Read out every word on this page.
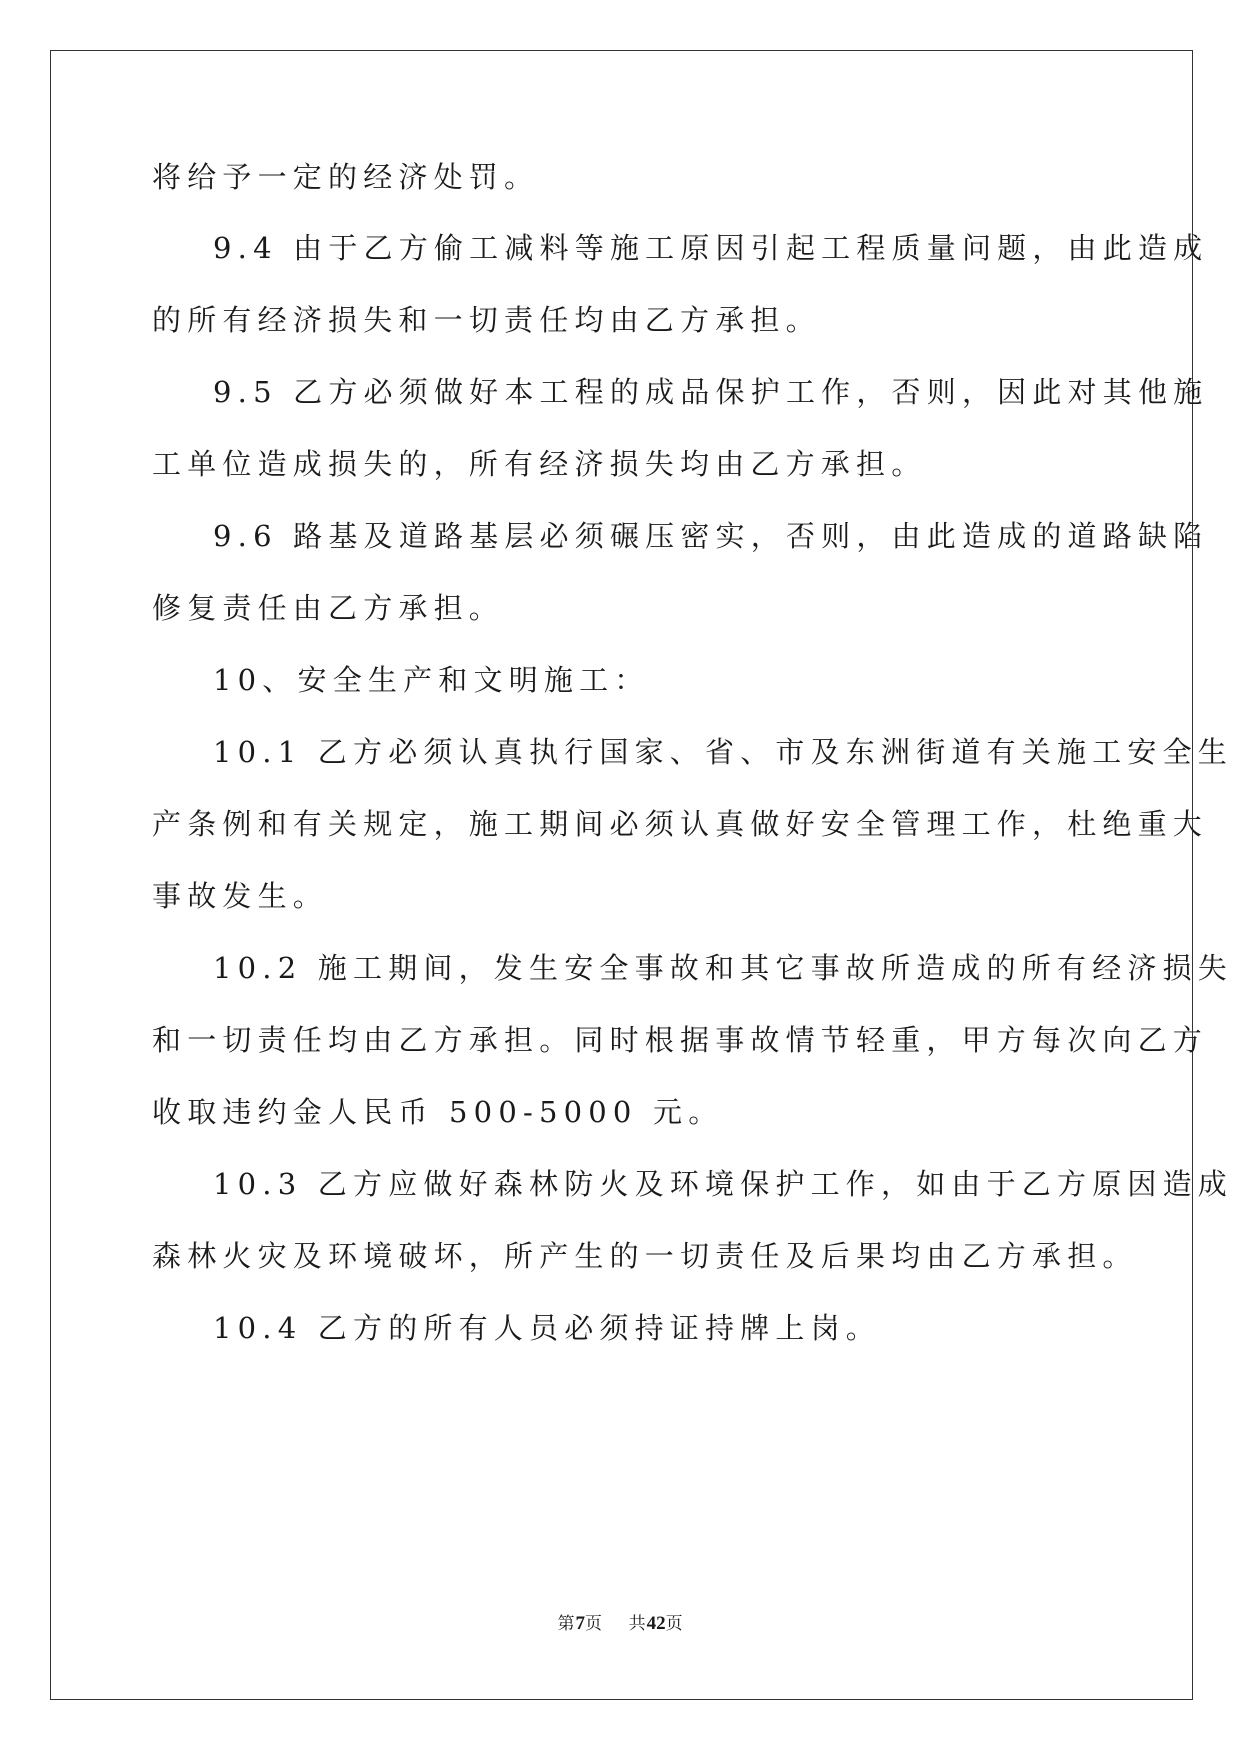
将给予一定的经济处罚。
9.4 由于乙方偷工减料等施工原因引起工程质量问题，由此造成
的所有经济损失和一切责任均由乙方承担。
9.5 乙方必须做好本工程的成品保护工作，否则，因此对其他施
工单位造成损失的，所有经济损失均由乙方承担。
9.6 路基及道路基层必须碾压密实，否则，由此造成的道路缺陷
修复责任由乙方承担。
10、安全生产和文明施工：
10.1 乙方必须认真执行国家、省、市及东洲街道有关施工安全生
产条例和有关规定，施工期间必须认真做好安全管理工作，杜绝重大
事故发生。
10.2 施工期间，发生安全事故和其它事故所造成的所有经济损失
和一切责任均由乙方承担。同时根据事故情节轻重，甲方每次向乙方
收取违约金人民币 500-5000 元。
10.3 乙方应做好森林防火及环境保护工作，如由于乙方原因造成
森林火灾及环境破坏，所产生的一切责任及后果均由乙方承担。
10.4 乙方的所有人员必须持证持牌上岗。
第7页 共42页
